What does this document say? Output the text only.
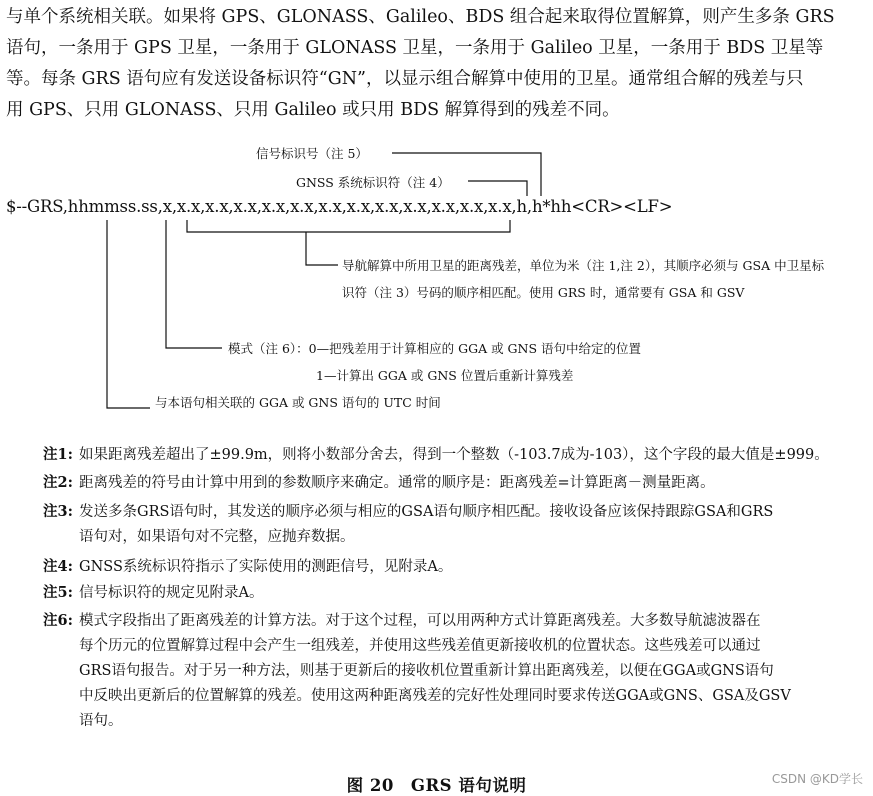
与单个系统相关联。如果将 GPS、GLONASS、Galileo、BDS 组合起来取得位置解算，则产生多条 GRS
语句，一条用于 GPS 卫星，一条用于 GLONASS 卫星，一条用于 Galileo 卫星，一条用于 BDS 卫星等
等。每条 GRS 语句应有发送设备标识符“GN”，以显示组合解算中使用的卫星。通常组合解的残差与只
用 GPS、只用 GLONASS、只用 Galileo 或只用 BDS 解算得到的残差不同。
信号标识号（注 5）
GNSS 系统标识符（注 4）
$--GRS,hhmmss.ss,x,x.x,x.x,x.x,x.x,x.x,x.x,x.x,x.x,x.x,x.x,x.x,x.x,h,h*hh<CR><LF>
导航解算中所用卫星的距离残差，单位为米（注 1,注 2），其顺序必须与 GSA 中卫星标
识符（注 3）号码的顺序相匹配。使用 GRS 时，通常要有 GSA 和 GSV
模式（注 6）：0—把残差用于计算相应的 GGA 或 GNS 语句中给定的位置
1—计算出 GGA 或 GNS 位置后重新计算残差
与本语句相关联的 GGA 或 GNS 语句的 UTC 时间
注1: 如果距离残差超出了±99.9m，则将小数部分舍去，得到一个整数（-103.7成为-103），这个字段的最大值是±999。
注2: 距离残差的符号由计算中用到的参数顺序来确定。通常的顺序是：距离残差=计算距离－测量距离。
注3: 发送多条GRS语句时，其发送的顺序必须与相应的GSA语句顺序相匹配。接收设备应该保持跟踪GSA和GRS
语句对，如果语句对不完整，应抛弃数据。
注4: GNSS系统标识符指示了实际使用的测距信号，见附录A。
注5: 信号标识符的规定见附录A。
注6: 模式字段指出了距离残差的计算方法。对于这个过程，可以用两种方式计算距离残差。大多数导航滤波器在
每个历元的位置解算过程中会产生一组残差，并使用这些残差值更新接收机的位置状态。这些残差可以通过
GRS语句报告。对于另一种方法，则基于更新后的接收机位置重新计算出距离残差，以便在GGA或GNS语句
中反映出更新后的位置解算的残差。使用这两种距离残差的完好性处理同时要求传送GGA或GNS、GSA及GSV
语句。
图 20　GRS 语句说明	CSDN @KD学长
